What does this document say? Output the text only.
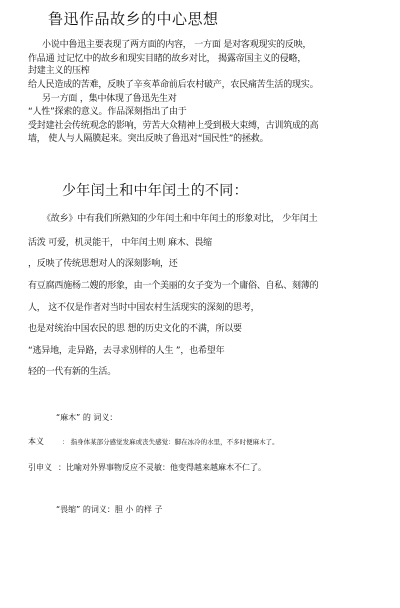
鲁迅作品故乡的中心思想
小说中鲁迅主要表现了两方面的内容， 一方面 是对客观现实的反映，
作品通 过记忆中的故乡和现实目睹的故乡对比， 揭露帝国主义的侵略，
封建主义的压榨
给人民造成的苦难，反映了辛亥革命前后农村破产，农民痛苦生活的现实。
另一方面 ，集中体现了鲁迅先生对
“人性”探索的意义。作品深刻指出了由于
受封建社会传统观念的影响，劳苦大众精神上受到极大束缚，古训筑成的高
墙， 使人与人隔膜起来。突出反映了鲁迅对“国民性”的拯救。
少年闰土和中年闰土的不同：
《故乡》中有我们所熟知的少年闰土和中年闰土的形象对比， 少年闰土
活泼 可爱，机灵能干， 中年闰土则 麻木、畏缩
，反映了传统思想对人的深刻影响，还
有豆腐西施杨二嫂的形象，由一个美丽的女子变为一个庸俗、自私、刻薄的
人， 这不仅是作者对当时中国农村生活现实的深刻的思考，
也是对统治中国农民的思 想的历史文化的不满，所以要
“逃异地，走异路，去寻求别样的人生 ”，也希望年
轻的一代有新的生活。
“麻木” 的 词义：
本义	： 指身体某部分感觉发麻或丧失感觉：脚在冰冷的水里，不多时便麻木了。
引申义 ：比喻对外界事物反应不灵敏：他变得越来越麻木不仁了。
“畏缩” 的词义：胆 小 的样 子
